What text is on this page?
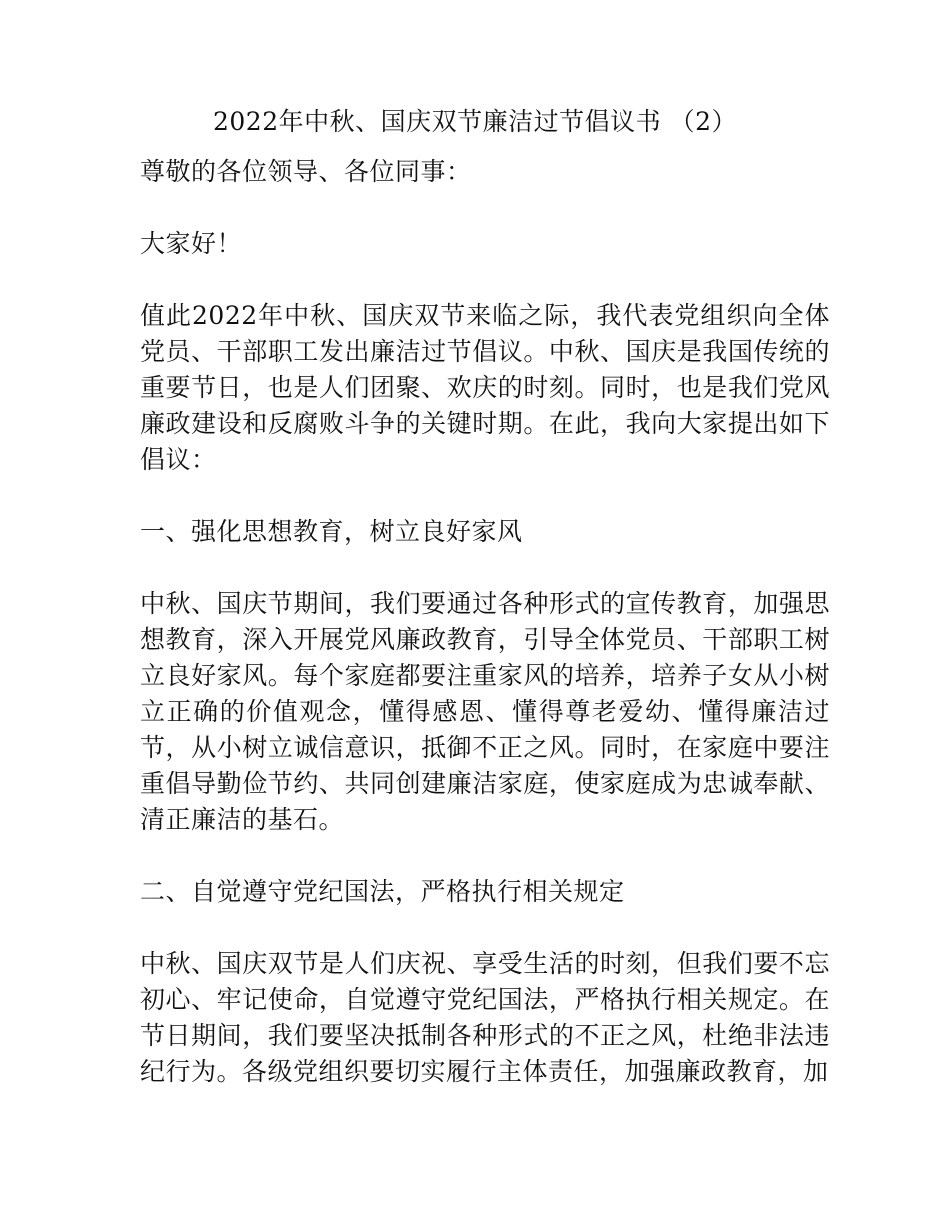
2022年中秋、国庆双节廉洁过节倡议书 （2）

尊敬的各位领导、各位同事：

大家好！

值此2022年中秋、国庆双节来临之际，我代表党组织向全体党员、干部职工发出廉洁过节倡议。中秋、国庆是我国传统的重要节日，也是人们团聚、欢庆的时刻。同时，也是我们党风廉政建设和反腐败斗争的关键时期。在此，我向大家提出如下倡议：

一、强化思想教育，树立良好家风

中秋、国庆节期间，我们要通过各种形式的宣传教育，加强思想教育，深入开展党风廉政教育，引导全体党员、干部职工树立良好家风。每个家庭都要注重家风的培养，培养子女从小树立正确的价值观念，懂得感恩、懂得尊老爱幼、懂得廉洁过节，从小树立诚信意识，抵御不正之风。同时，在家庭中要注重倡导勤俭节约、共同创建廉洁家庭，使家庭成为忠诚奉献、清正廉洁的基石。

二、自觉遵守党纪国法，严格执行相关规定

中秋、国庆双节是人们庆祝、享受生活的时刻，但我们要不忘初心、牢记使命，自觉遵守党纪国法，严格执行相关规定。在节日期间，我们要坚决抵制各种形式的不正之风，杜绝非法违纪行为。各级党组织要切实履行主体责任，加强廉政教育，加
